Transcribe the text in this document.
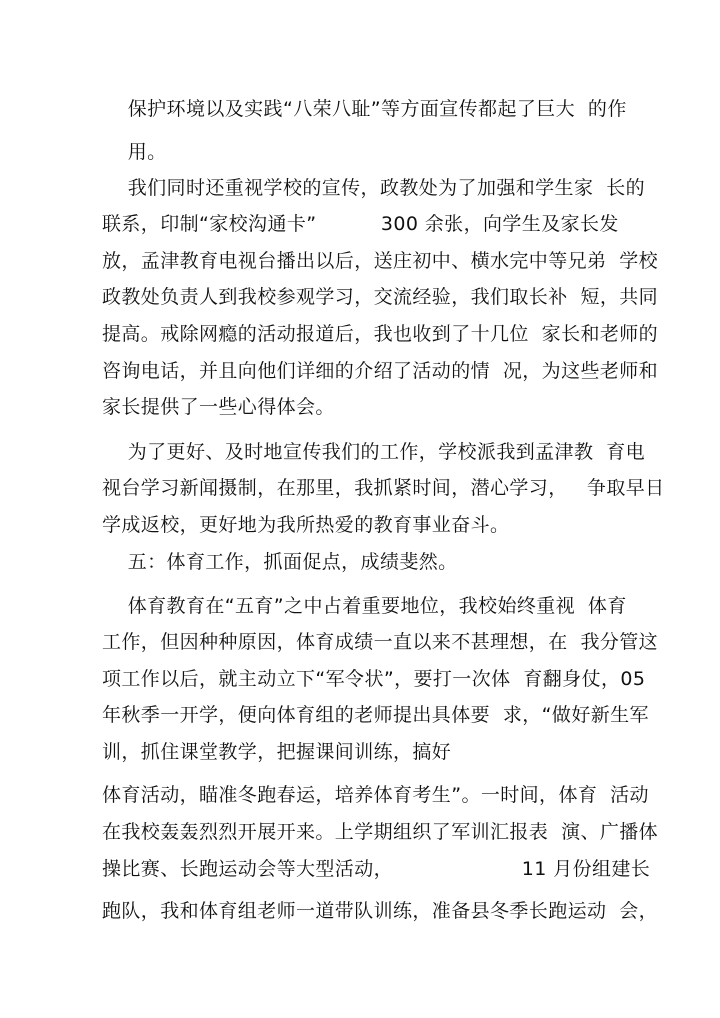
保护环境以及实践“八荣八耻”等方面宣传都起了巨大  的作
用。
我们同时还重视学校的宣传，政教处为了加强和学生家  长的
联系，印制“家校沟通卡”          300 余张，向学生及家长发
放，孟津教育电视台播出以后，送庄初中、横水完中等兄弟  学校
政教处负责人到我校参观学习，交流经验，我们取长补  短，共同
提高。戒除网瘾的活动报道后，我也收到了十几位  家长和老师的
咨询电话，并且向他们详细的介绍了活动的情  况，为这些老师和
家长提供了一些心得体会。
为了更好、及时地宣传我们的工作，学校派我到孟津教  育电
视台学习新闻摄制，在那里，我抓紧时间，潜心学习，   争取早日
学成返校，更好地为我所热爱的教育事业奋斗。
五：体育工作，抓面促点，成绩斐然。
体育教育在“五育”之中占着重要地位，我校始终重视  体育
工作，但因种种原因，体育成绩一直以来不甚理想，在  我分管这
项工作以后，就主动立下“军令状”，要打一次体  育翻身仗，05
年秋季一开学，便向体育组的老师提出具体要  求，“做好新生军
训，抓住课堂教学，把握课间训练，搞好
体育活动，瞄准冬跑春运，培养体育考生”。一时间，体育  活动
在我校轰轰烈烈开展开来。上学期组织了军训汇报表  演、广播体
操比赛、长跑运动会等大型活动，                    11 月份组建长
跑队，我和体育组老师一道带队训练，准备县冬季长跑运动  会，
